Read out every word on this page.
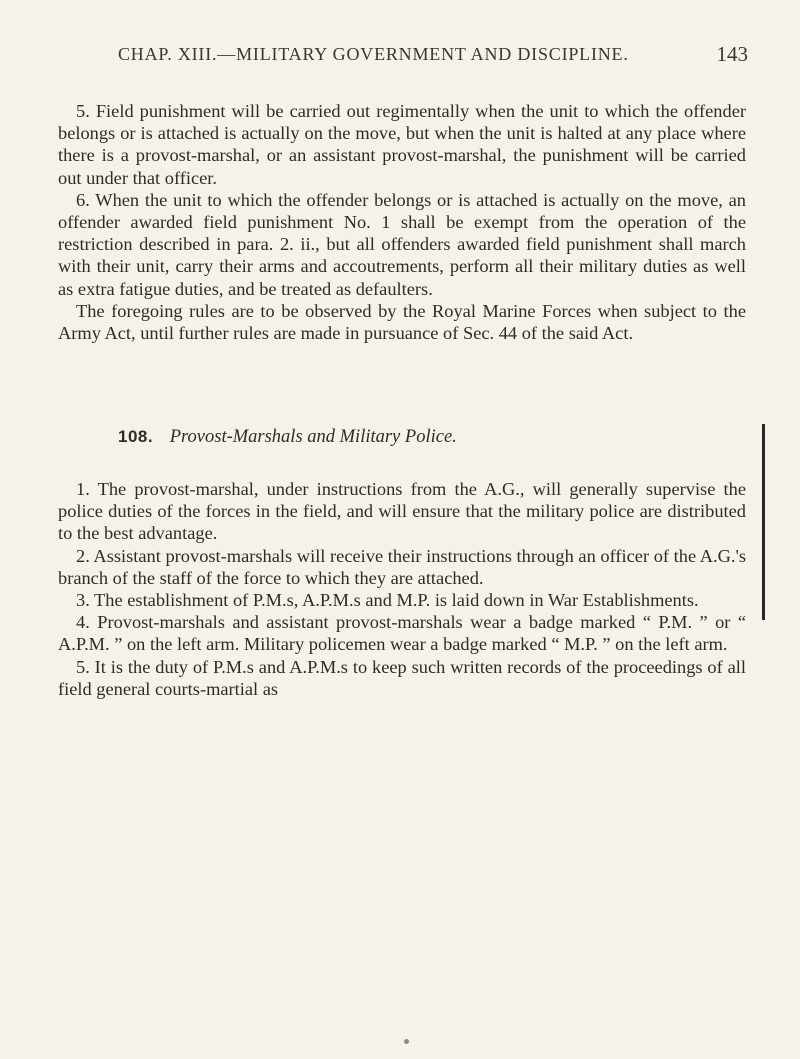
CHAP. XIII.—MILITARY GOVERNMENT AND DISCIPLINE.	143

5. Field punishment will be carried out regimentally when the unit to which the offender belongs or is attached is actually on the move, but when the unit is halted at any place where there is a provost-marshal, or an assistant provost-marshal, the punishment will be carried out under that officer.

6. When the unit to which the offender belongs or is attached is actually on the move, an offender awarded field punishment No. 1 shall be exempt from the operation of the restriction described in para. 2. ii., but all offenders awarded field punishment shall march with their unit, carry their arms and accoutrements, perform all their military duties as well as extra fatigue duties, and be treated as defaulters.

The foregoing rules are to be observed by the Royal Marine Forces when subject to the Army Act, until further rules are made in pursuance of Sec. 44 of the said Act.

108. Provost-Marshals and Military Police.

1. The provost-marshal, under instructions from the A.G., will generally supervise the police duties of the forces in the field, and will ensure that the military police are distributed to the best advantage.

2. Assistant provost-marshals will receive their instructions through an officer of the A.G.'s branch of the staff of the force to which they are attached.

3. The establishment of P.M.s, A.P.M.s and M.P. is laid down in War Establishments.

4. Provost-marshals and assistant provost-marshals wear a badge marked “ P.M. ” or “ A.P.M. ” on the left arm. Military policemen wear a badge marked “ M.P. ” on the left arm.

5. It is the duty of P.M.s and A.P.M.s to keep such written records of the proceedings of all field general courts-martial as
